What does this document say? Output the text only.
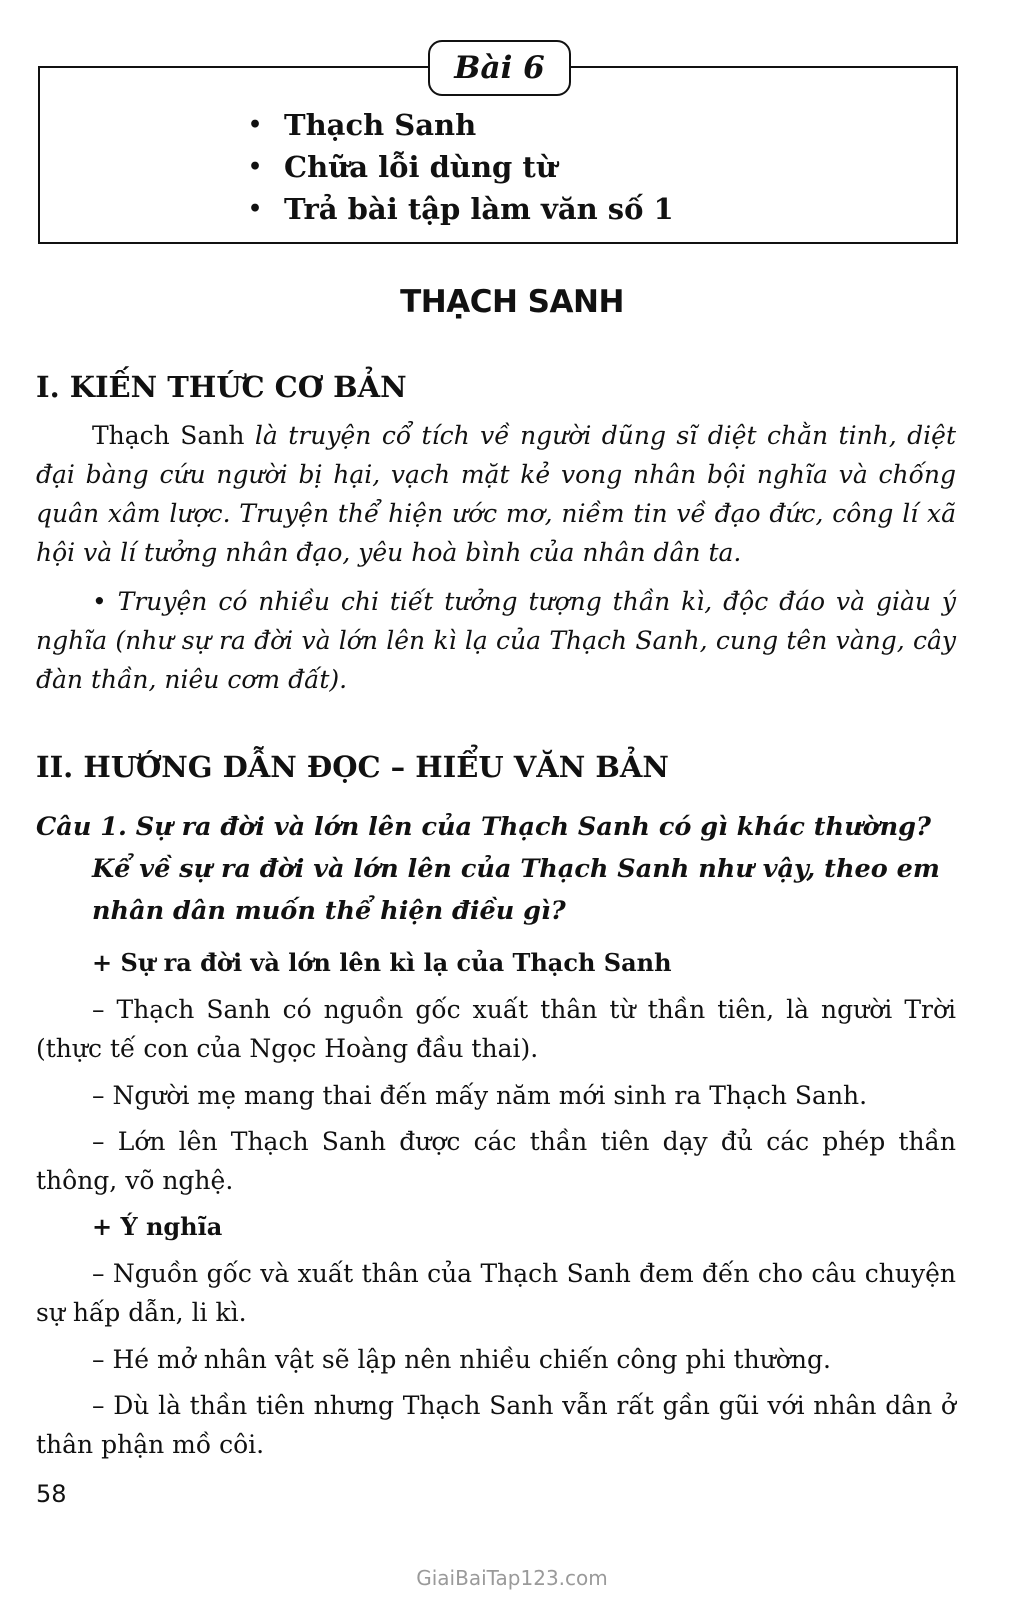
Bài 6
• Thạch Sanh
• Chữa lỗi dùng từ
• Trả bài tập làm văn số 1
THẠCH SANH
I. KIẾN THỨC CƠ BẢN

Thạch Sanh là truyện cổ tích về người dũng sĩ diệt chằn tinh, diệt đại bàng cứu người bị hại, vạch mặt kẻ vong nhân bội nghĩa và chống quân xâm lược. Truyện thể hiện ước mơ, niềm tin về đạo đức, công lí xã hội và lí tưởng nhân đạo, yêu hoà bình của nhân dân ta.

• Truyện có nhiều chi tiết tưởng tượng thần kì, độc đáo và giàu ý nghĩa (như sự ra đời và lớn lên kì lạ của Thạch Sanh, cung tên vàng, cây đàn thần, niêu cơm đất).

II. HƯỚNG DẪN ĐỌC – HIỂU VĂN BẢN

Câu 1. Sự ra đời và lớn lên của Thạch Sanh có gì khác thường?
Kể về sự ra đời và lớn lên của Thạch Sanh như vậy, theo em nhân dân muốn thể hiện điều gì?

+ Sự ra đời và lớn lên kì lạ của Thạch Sanh

– Thạch Sanh có nguồn gốc xuất thân từ thần tiên, là người Trời (thực tế con của Ngọc Hoàng đầu thai).

– Người mẹ mang thai đến mấy năm mới sinh ra Thạch Sanh.

– Lớn lên Thạch Sanh được các thần tiên dạy đủ các phép thần thông, võ nghệ.

+ Ý nghĩa

– Nguồn gốc và xuất thân của Thạch Sanh đem đến cho câu chuyện sự hấp dẫn, li kì.

– Hé mở nhân vật sẽ lập nên nhiều chiến công phi thường.

– Dù là thần tiên nhưng Thạch Sanh vẫn rất gần gũi với nhân dân ở thân phận mồ côi.

58
GiaiBaiTap123.com
